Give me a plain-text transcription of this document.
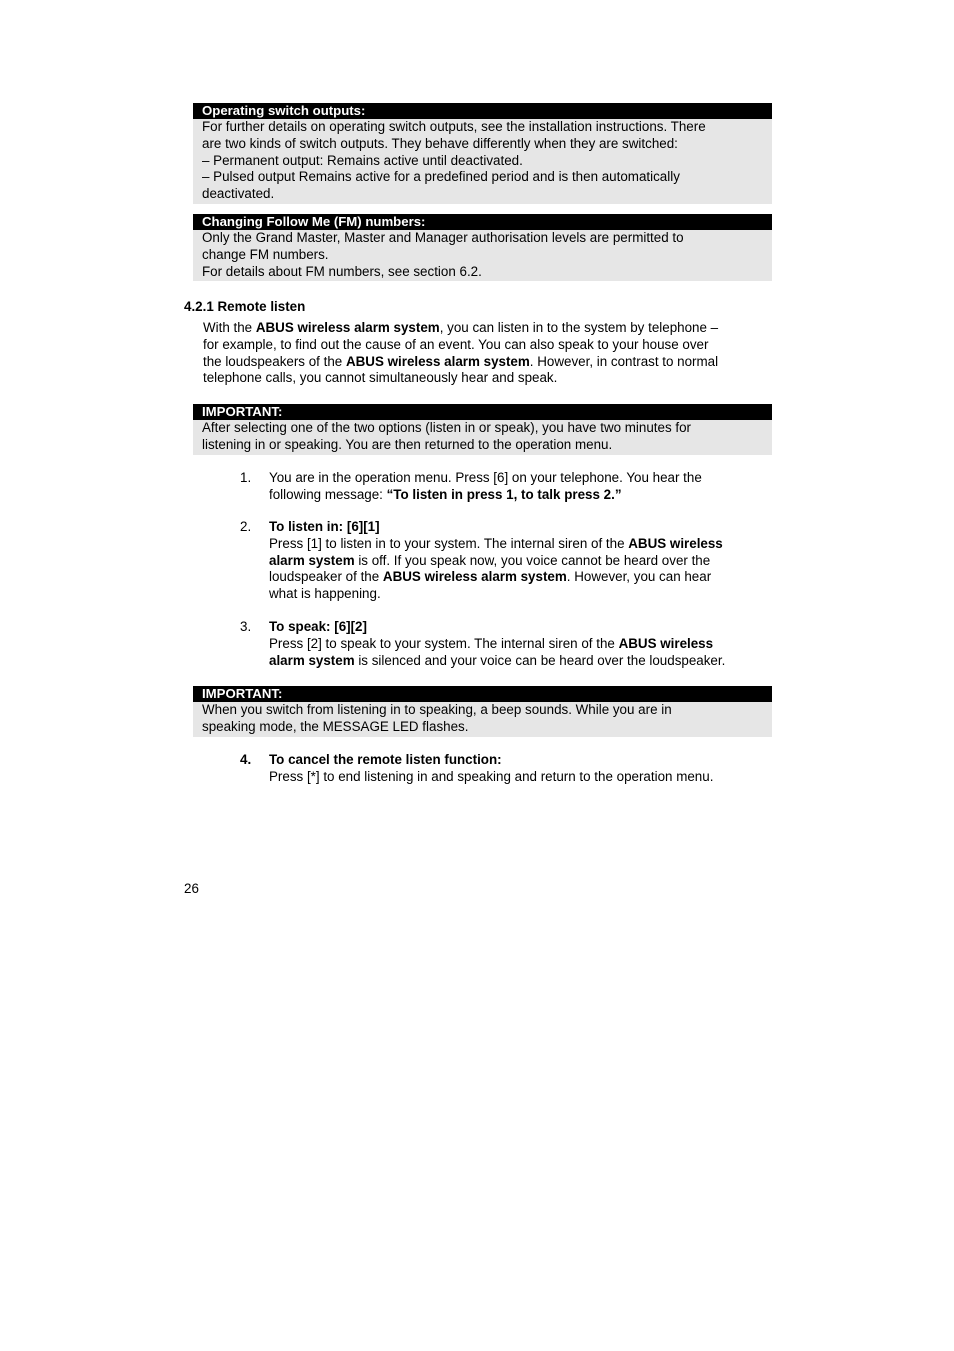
Operating switch outputs:
For further details on operating switch outputs, see the installation instructions. There
are two kinds of switch outputs. They behave differently when they are switched:
– Permanent output: Remains active until deactivated.
– Pulsed output Remains active for a predefined period and is then automatically
deactivated.
Changing Follow Me (FM) numbers:
Only the Grand Master, Master and Manager authorisation levels are permitted to
change FM numbers.
For details about FM numbers, see section 6.2.
4.2.1 Remote listen
With the ABUS wireless alarm system, you can listen in to the system by telephone –
for example, to find out the cause of an event. You can also speak to your house over
the loudspeakers of the ABUS wireless alarm system. However, in contrast to normal
telephone calls, you cannot simultaneously hear and speak.
IMPORTANT:
After selecting one of the two options (listen in or speak), you have two minutes for
listening in or speaking. You are then returned to the operation menu.
1. You are in the operation menu. Press [6] on your telephone. You hear the
following message: “To listen in press 1, to talk press 2.”
2. To listen in: [6][1]
Press [1] to listen in to your system. The internal siren of the ABUS wireless
alarm system is off. If you speak now, you voice cannot be heard over the
loudspeaker of the ABUS wireless alarm system. However, you can hear
what is happening.
3. To speak: [6][2]
Press [2] to speak to your system. The internal siren of the ABUS wireless
alarm system is silenced and your voice can be heard over the loudspeaker.
IMPORTANT:
When you switch from listening in to speaking, a beep sounds. While you are in
speaking mode, the MESSAGE LED flashes.
4. To cancel the remote listen function:
Press [*] to end listening in and speaking and return to the operation menu.
26
